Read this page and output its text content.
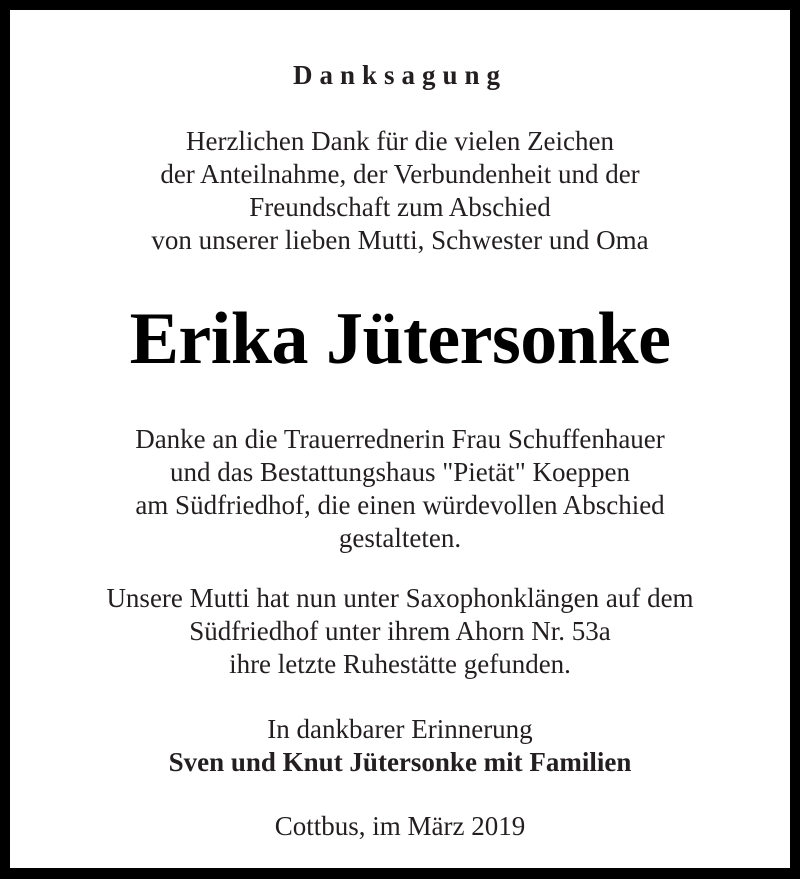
Danksagung
Herzlichen Dank für die vielen Zeichen
der Anteilnahme, der Verbundenheit und der
Freundschaft zum Abschied
von unserer lieben Mutti, Schwester und Oma
Erika Jütersonke
Danke an die Trauerrednerin Frau Schuffenhauer
und das Bestattungshaus "Pietät" Koeppen
am Südfriedhof, die einen würdevollen Abschied
gestalteten.
Unsere Mutti hat nun unter Saxophonklängen auf dem
Südfriedhof unter ihrem Ahorn Nr. 53a
ihre letzte Ruhestätte gefunden.
In dankbarer Erinnerung
Sven und Knut Jütersonke mit Familien
Cottbus, im März 2019
